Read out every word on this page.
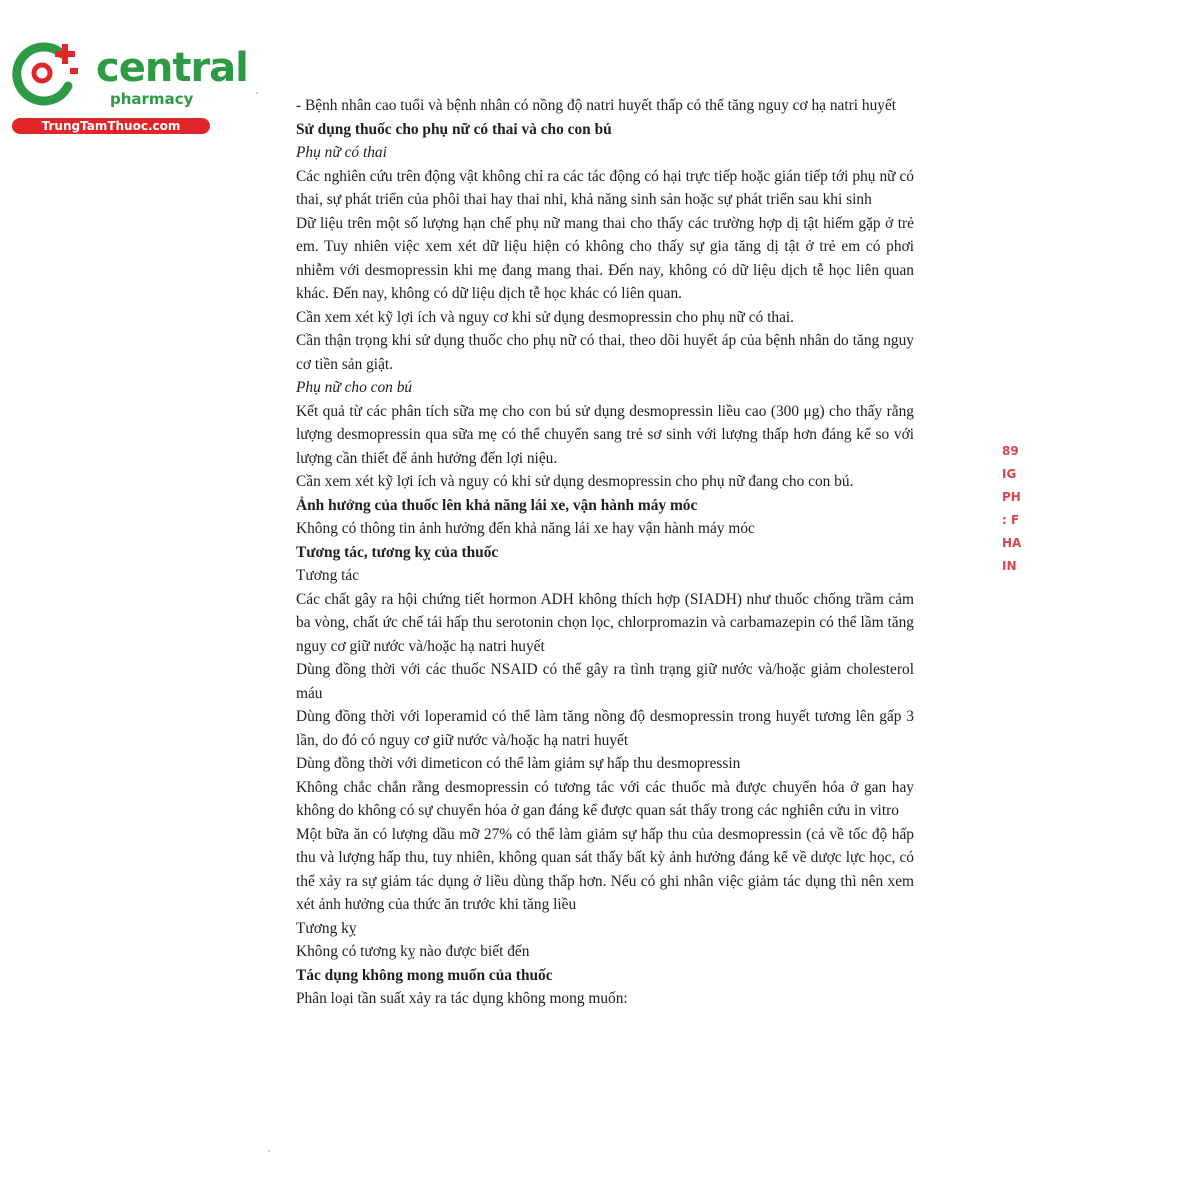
central
pharmacy
TrungTamThuoc.com

- Bệnh nhân cao tuổi và bệnh nhân có nồng độ natri huyết thấp có thể tăng nguy cơ hạ natri huyết

Sử dụng thuốc cho phụ nữ có thai và cho con bú

Phụ nữ có thai

Các nghiên cứu trên động vật không chỉ ra các tác động có hại trực tiếp hoặc gián tiếp tới phụ nữ có thai, sự phát triển của phôi thai hay thai nhi, khả năng sinh sản hoặc sự phát triển sau khi sinh

Dữ liệu trên một số lượng hạn chế phụ nữ mang thai cho thấy các trường hợp dị tật hiếm gặp ở trẻ em. Tuy nhiên việc xem xét dữ liệu hiện có không cho thấy sự gia tăng dị tật ở trẻ em có phơi nhiễm với desmopressin khi mẹ đang mang thai. Đến nay, không có dữ liệu dịch tễ học liên quan khác. Đến nay, không có dữ liệu dịch tễ học khác có liên quan.

Cần xem xét kỹ lợi ích và nguy cơ khi sử dụng desmopressin cho phụ nữ có thai.

Cần thận trọng khi sử dụng thuốc cho phụ nữ có thai, theo dõi huyết áp của bệnh nhân do tăng nguy cơ tiền sản giật.

Phụ nữ cho con bú

Kết quả từ các phân tích sữa mẹ cho con bú sử dụng desmopressin liều cao (300 μg) cho thấy rằng lượng desmopressin qua sữa mẹ có thể chuyển sang trẻ sơ sinh với lượng thấp hơn đáng kể so với lượng cần thiết để ảnh hưởng đến lợi niệu.

Cần xem xét kỹ lợi ích và nguy có khi sử dụng desmopressin cho phụ nữ đang cho con bú.

Ảnh hưởng của thuốc lên khả năng lái xe, vận hành máy móc

Không có thông tin ảnh hưởng đến khả năng lái xe hay vận hành máy móc

Tương tác, tương kỵ của thuốc

Tương tác

Các chất gây ra hội chứng tiết hormon ADH không thích hợp (SIADH) như thuốc chống trầm cảm ba vòng, chất ức chế tái hấp thu serotonin chọn lọc, chlorpromazin và carbamazepin có thể lầm tăng nguy cơ giữ nước và/hoặc hạ natri huyết

Dùng đồng thời với các thuốc NSAID có thể gây ra tình trạng giữ nước và/hoặc giảm cholesterol máu

Dùng đồng thời với loperamid có thể làm tăng nồng độ desmopressin trong huyết tương lên gấp 3 lần, do đó có nguy cơ giữ nước và/hoặc hạ natri huyết

Dùng đồng thời với dimeticon có thể làm giảm sự hấp thu desmopressin

Không chắc chắn rằng desmopressin có tương tác với các thuốc mà được chuyển hóa ở gan hay không do không có sự chuyển hóa ở gan đáng kể được quan sát thấy trong các nghiên cứu in vitro

Một bữa ăn có lượng dầu mỡ 27% có thể làm giảm sự hấp thu của desmopressin (cả về tốc độ hấp thu và lượng hấp thu, tuy nhiên, không quan sát thấy bất kỳ ảnh hưởng đáng kể về dược lực học, có thể xảy ra sự giảm tác dụng ở liều dùng thấp hơn. Nếu có ghi nhân việc giảm tác dụng thì nên xem xét ảnh hưởng của thức ăn trước khi tăng liều

Tương kỵ

Không có tương kỵ nào được biết đến

Tác dụng không mong muốn của thuốc

Phân loại tần suất xảy ra tác dụng không mong muốn:

89
IG
PH
: F
HA
IN
